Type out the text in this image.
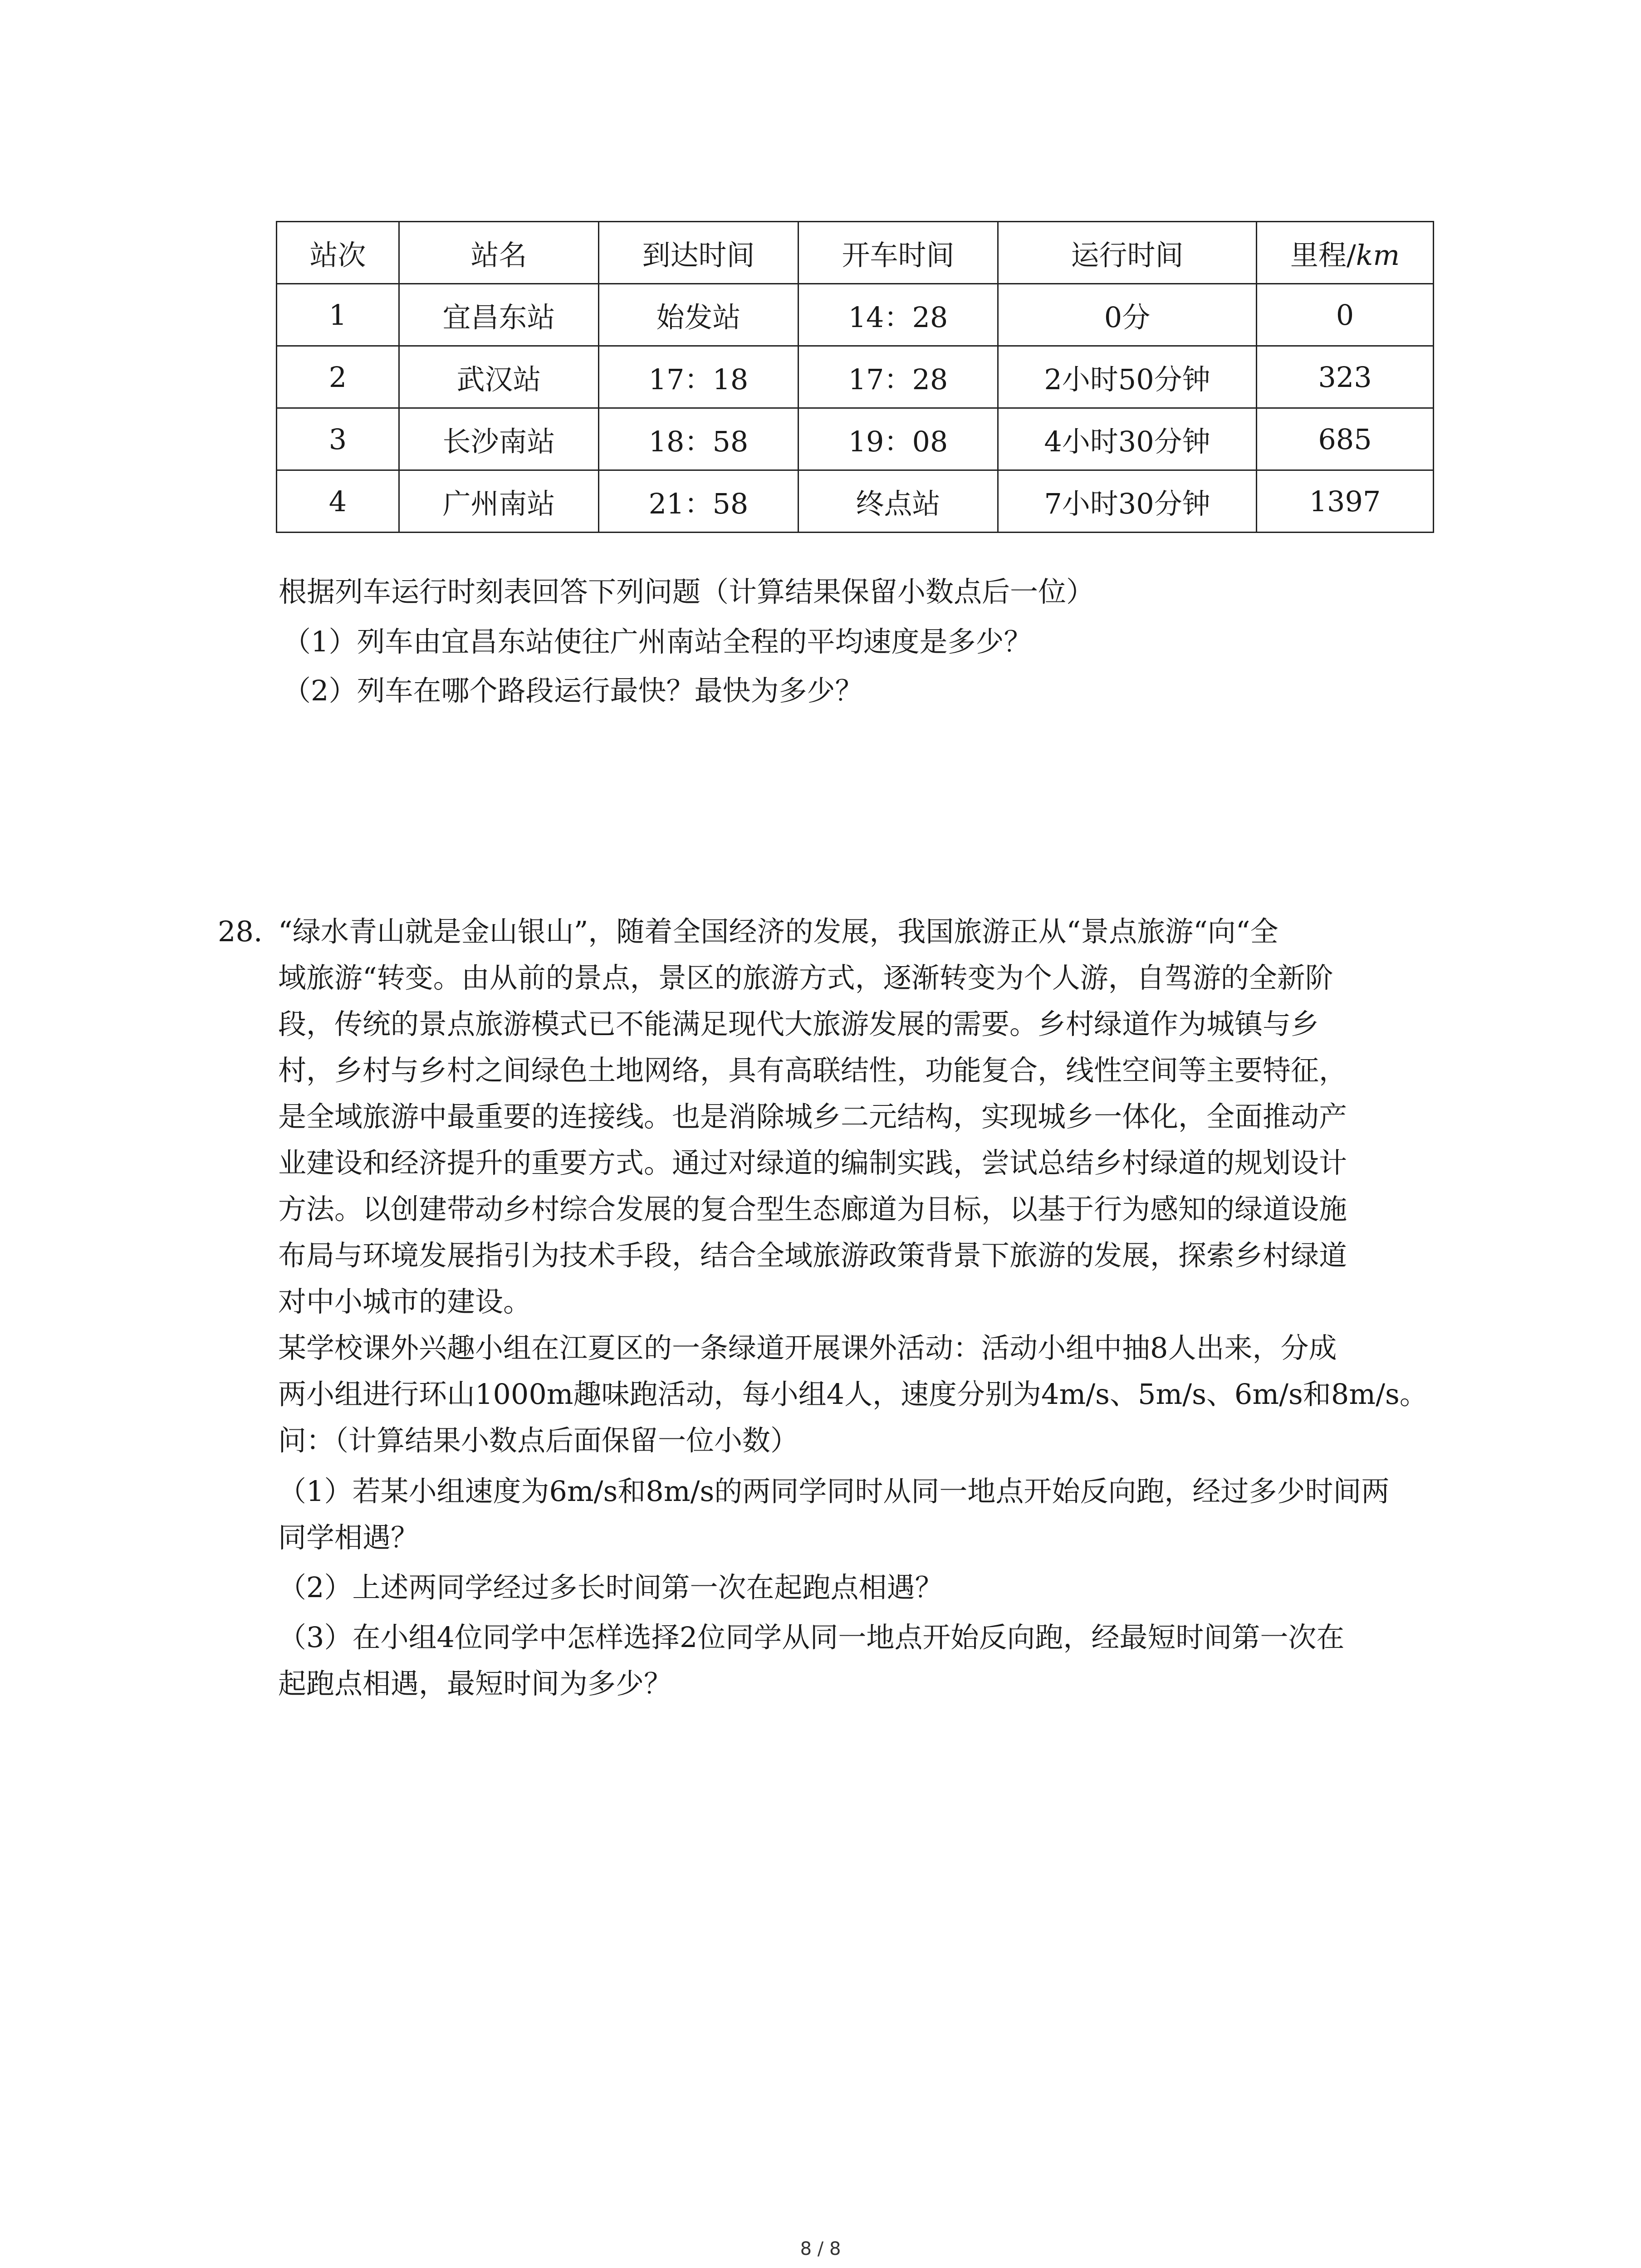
站次	站名	到达时间	开车时间	运行时间	里程/km
1	宜昌东站	始发站	14：28	0分	0
2	武汉站	17：18	17：28	2小时50分钟	323
3	长沙南站	18：58	19：08	4小时30分钟	685
4	广州南站	21：58	终点站	7小时30分钟	1397
根据列车运行时刻表回答下列问题（计算结果保留小数点后一位）
（1）列车由宜昌东站使往广州南站全程的平均速度是多少？
（2）列车在哪个路段运行最快？最快为多少？
28. “绿水青山就是金山银山”，随着全国经济的发展，我国旅游正从“景点旅游“向“全
域旅游“转变。由从前的景点，景区的旅游方式，逐渐转变为个人游，自驾游的全新阶
段，传统的景点旅游模式已不能满足现代大旅游发展的需要。乡村绿道作为城镇与乡
村，乡村与乡村之间绿色土地网络，具有高联结性，功能复合，线性空间等主要特征，
是全域旅游中最重要的连接线。也是消除城乡二元结构，实现城乡一体化，全面推动产
业建设和经济提升的重要方式。通过对绿道的编制实践，尝试总结乡村绿道的规划设计
方法。以创建带动乡村综合发展的复合型生态廊道为目标，以基于行为感知的绿道设施
布局与环境发展指引为技术手段，结合全域旅游政策背景下旅游的发展，探索乡村绿道
对中小城市的建设。
某学校课外兴趣小组在江夏区的一条绿道开展课外活动：活动小组中抽8人出来，分成
两小组进行环山1000m趣味跑活动，每小组4人，速度分别为4m/s、5m/s、6m/s和8m/s。
问：（计算结果小数点后面保留一位小数）
（1）若某小组速度为6m/s和8m/s的两同学同时从同一地点开始反向跑，经过多少时间两
同学相遇？
（2）上述两同学经过多长时间第一次在起跑点相遇？
（3）在小组4位同学中怎样选择2位同学从同一地点开始反向跑，经最短时间第一次在
起跑点相遇，最短时间为多少？
8 / 8
